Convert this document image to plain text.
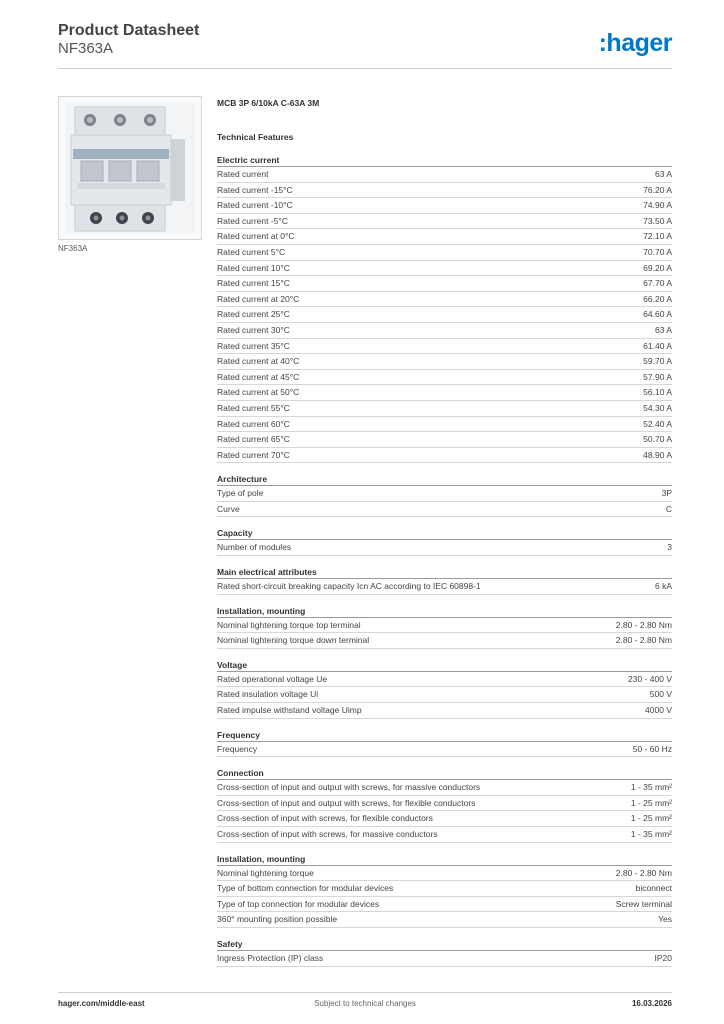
Product Datasheet
NF363A	:hager
NF363A
MCB 3P 6/10kA C-63A 3M
Technical Features
Electric current
Rated current	63 A
Rated current -15°C	76.20 A
Rated current -10°C	74.90 A
Rated current -5°C	73.50 A
Rated current at 0°C	72.10 A
Rated current 5°C	70.70 A
Rated current 10°C	69.20 A
Rated current 15°C	67.70 A
Rated current at 20°C	66.20 A
Rated current 25°C	64.60 A
Rated current 30°C	63 A
Rated current 35°C	61.40 A
Rated current at 40°C	59.70 A
Rated current at 45°C	57.90 A
Rated current at 50°C	56.10 A
Rated current 55°C	54.30 A
Rated current 60°C	52.40 A
Rated current 65°C	50.70 A
Rated current 70°C	48.90 A
Architecture
Type of pole	3P
Curve	C
Capacity
Number of modules	3
Main electrical attributes
Rated short-circuit breaking capacity Icn AC according to IEC 60898-1	6 kA
Installation, mounting
Nominal tightening torque top terminal	2.80 - 2.80 Nm
Nominal tightening torque down terminal	2.80 - 2.80 Nm
Voltage
Rated operational voltage Ue	230 - 400 V
Rated insulation voltage Ui	500 V
Rated impulse withstand voltage Uimp	4000 V
Frequency
Frequency	50 - 60 Hz
Connection
Cross-section of input and output with screws, for massive conductors	1 - 35 mm²
Cross-section of input and output with screws, for flexible conductors	1 - 25 mm²
Cross-section of input with screws, for flexible conductors	1 - 25 mm²
Cross-section of input with screws, for massive conductors	1 - 35 mm²
Installation, mounting
Nominal tightening torque	2.80 - 2.80 Nm
Type of bottom connection for modular devices	biconnect
Type of top connection for modular devices	Screw terminal
360° mounting position possible	Yes
Safety
Ingress Protection (IP) class	IP20
hager.com/middle-east	Subject to technical changes	16.03.2026
